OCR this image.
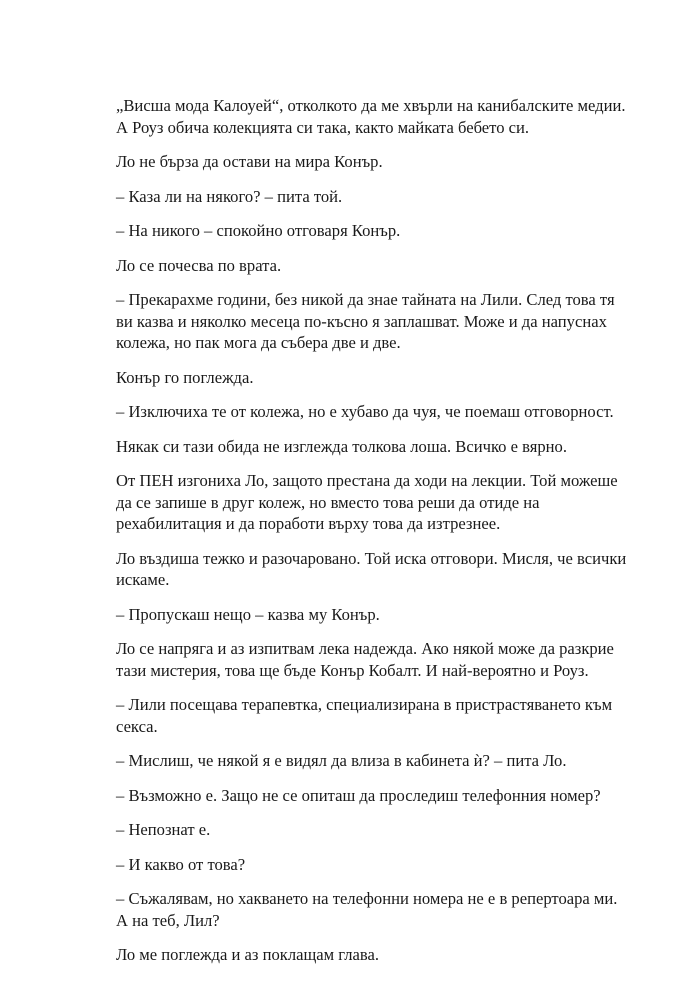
„Висша мода Калоуей“, отколкото да ме хвърли на канибалските медии. А Роуз обича колекцията си така, както майката бебето си.

Ло не бърза да остави на мира Конър.

– Каза ли на някого? – пита той.

– На никого – спокойно отговаря Конър.

Ло се почесва по врата.

– Прекарахме години, без никой да знае тайната на Лили. След това тя ви казва и няколко месеца по-късно я заплашват. Може и да напуснах колежа, но пак мога да събера две и две.

Конър го поглежда.

– Изключиха те от колежа, но е хубаво да чуя, че поемаш отговорност.

Някак си тази обида не изглежда толкова лоша. Всичко е вярно.

От ПЕН изгониха Ло, защото престана да ходи на лекции. Той можеше да се запише в друг колеж, но вместо това реши да отиде на рехабилитация и да поработи върху това да изтрезнее.

Ло въздиша тежко и разочаровано. Той иска отговори. Мисля, че всички искаме.

– Пропускаш нещо – казва му Конър.

Ло се напряга и аз изпитвам лека надежда. Ако някой може да разкрие тази мистерия, това ще бъде Конър Кобалт. И най-вероятно и Роуз.

– Лили посещава терапевтка, специализирана в пристрастяването към секса.

– Мислиш, че някой я е видял да влиза в кабинета ѝ? – пита Ло.

– Възможно е. Защо не се опиташ да проследиш телефонния номер?

– Непознат е.

– И какво от това?

– Съжалявам, но хакването на телефонни номера не е в репертоара ми. А на теб, Лил?

Ло ме поглежда и аз поклащам глава.
